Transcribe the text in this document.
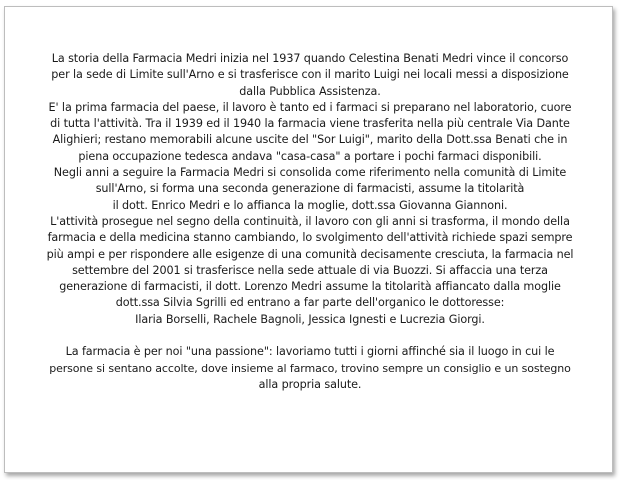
La storia della Farmacia Medri inizia nel 1937 quando Celestina Benati Medri vince il concorso
per la sede di Limite sull'Arno e si trasferisce con il marito Luigi nei locali messi a disposizione
dalla Pubblica Assistenza.

E' la prima farmacia del paese, il lavoro è tanto ed i farmaci si preparano nel laboratorio, cuore
di tutta l'attività. Tra il 1939 ed il 1940 la farmacia viene trasferita nella più centrale Via Dante
Alighieri; restano memorabili alcune uscite del "Sor Luigi", marito della Dott.ssa Benati che in
piena occupazione tedesca andava "casa-casa" a portare i pochi farmaci disponibili.

Negli anni a seguire la Farmacia Medri si consolida come riferimento nella comunità di Limite
sull'Arno, si forma una seconda generazione di farmacisti, assume la titolarità
il dott. Enrico Medri e lo affianca la moglie, dott.ssa Giovanna Giannoni.

L'attività prosegue nel segno della continuità, il lavoro con gli anni si trasforma, il mondo della
farmacia e della medicina stanno cambiando, lo svolgimento dell'attività richiede spazi sempre
più ampi e per rispondere alle esigenze di una comunità decisamente cresciuta, la farmacia nel
settembre del 2001 si trasferisce nella sede attuale di via Buozzi. Si affaccia una terza
generazione di farmacisti, il dott. Lorenzo Medri assume la titolarità affiancato dalla moglie
dott.ssa Silvia Sgrilli ed entrano a far parte dell'organico le dottoresse:
Ilaria Borselli, Rachele Bagnoli, Jessica Ignesti e Lucrezia Giorgi.

La farmacia è per noi "una passione": lavoriamo tutti i giorni affinché sia il luogo in cui le
persone si sentano accolte, dove insieme al farmaco, trovino sempre un consiglio e un sostegno
alla propria salute.
